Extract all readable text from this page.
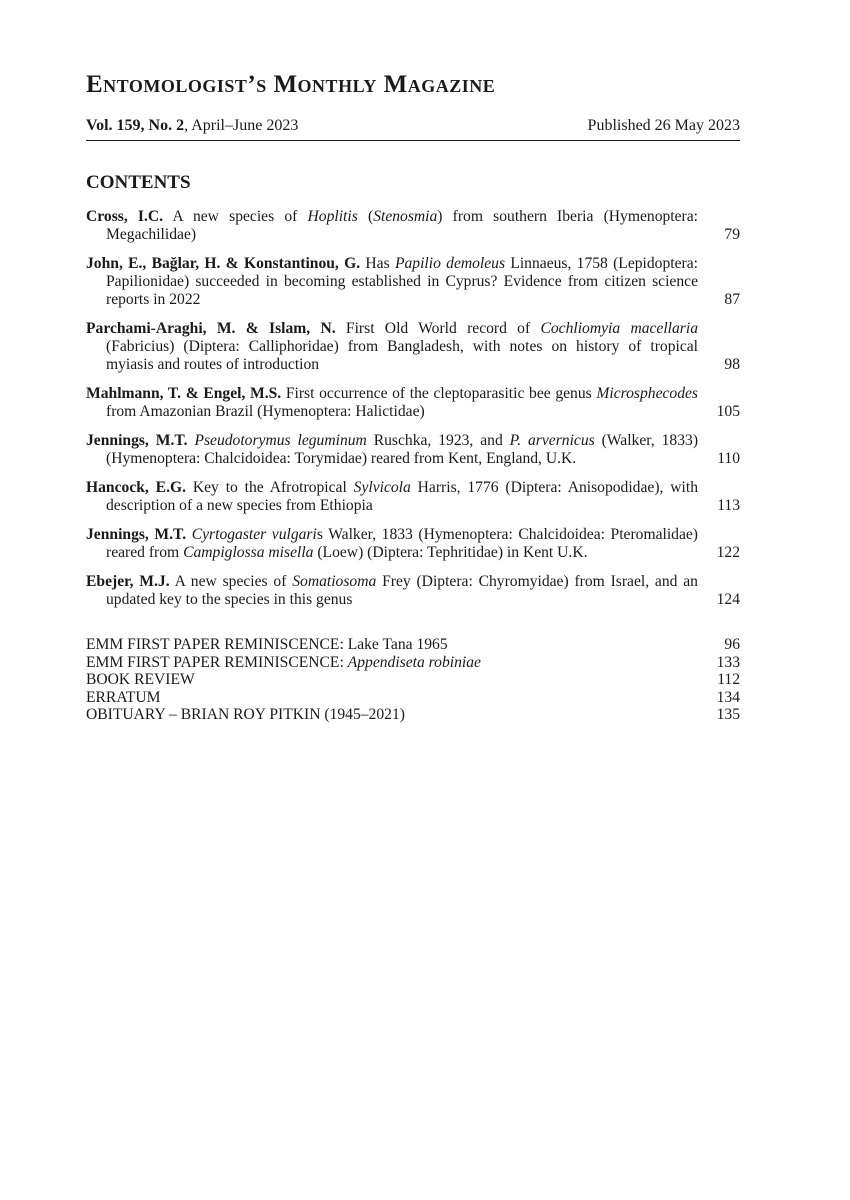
Entomologist’s Monthly Magazine
Vol. 159, No. 2, April–June 2023	Published 26 May 2023
CONTENTS
Cross, I.C. A new species of Hoplitis (Stenosmia) from southern Iberia (Hymenoptera: Megachilidae)	79
John, E., Bağlar, H. & Konstantinou, G. Has Papilio demoleus Linnaeus, 1758 (Lepidoptera: Papilionidae) succeeded in becoming established in Cyprus? Evidence from citizen science reports in 2022	87
Parchami-Araghi, M. & Islam, N. First Old World record of Cochliomyia macellaria (Fabricius) (Diptera: Calliphoridae) from Bangladesh, with notes on history of tropical myiasis and routes of introduction	98
Mahlmann, T. & Engel, M.S. First occurrence of the cleptoparasitic bee genus Microsphecodes from Amazonian Brazil (Hymenoptera: Halictidae)	105
Jennings, M.T. Pseudotorymus leguminum Ruschka, 1923, and P. arvernicus (Walker, 1833) (Hymenoptera: Chalcidoidea: Torymidae) reared from Kent, England, U.K.	110
Hancock, E.G. Key to the Afrotropical Sylvicola Harris, 1776 (Diptera: Anisopodidae), with description of a new species from Ethiopia	113
Jennings, M.T. Cyrtogaster vulgaris Walker, 1833 (Hymenoptera: Chalcidoidea: Pteromalidae) reared from Campiglossa misella (Loew) (Diptera: Tephritidae) in Kent U.K.	122
Ebejer, M.J. A new species of Somatiosoma Frey (Diptera: Chyromyidae) from Israel, and an updated key to the species in this genus	124
EMM FIRST PAPER REMINISCENCE: Lake Tana 1965	96
EMM FIRST PAPER REMINISCENCE: Appendiseta robiniae	133
BOOK REVIEW	112
ERRATUM	134
OBITUARY – BRIAN ROY PITKIN (1945–2021)	135
